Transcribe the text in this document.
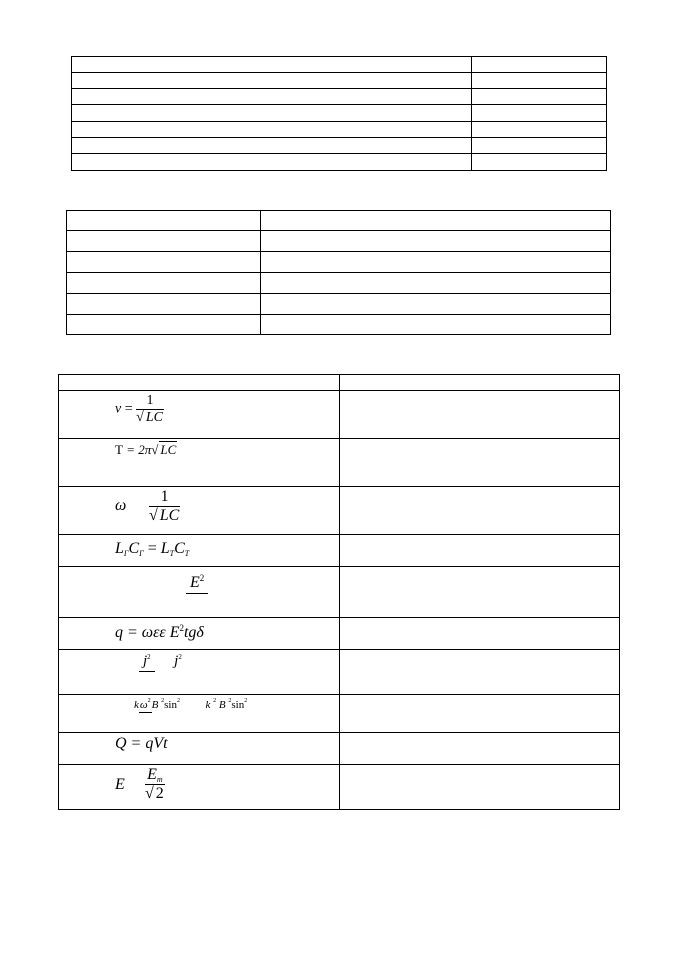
$\nu = \frac{1}{√ LC}$
T = 2π√ LC
ω $\frac{1}{√ LC}$
LГCГ = LТCТ
$E^2$
q = ωεε $E^2tg\delta$
$j^2$ $j^2$
$k\omega^2B$ $^2\sin^2$ k $^2$ B $^2\sin^2$
Q = qVt
E $\frac{Em}{√ 2}$
